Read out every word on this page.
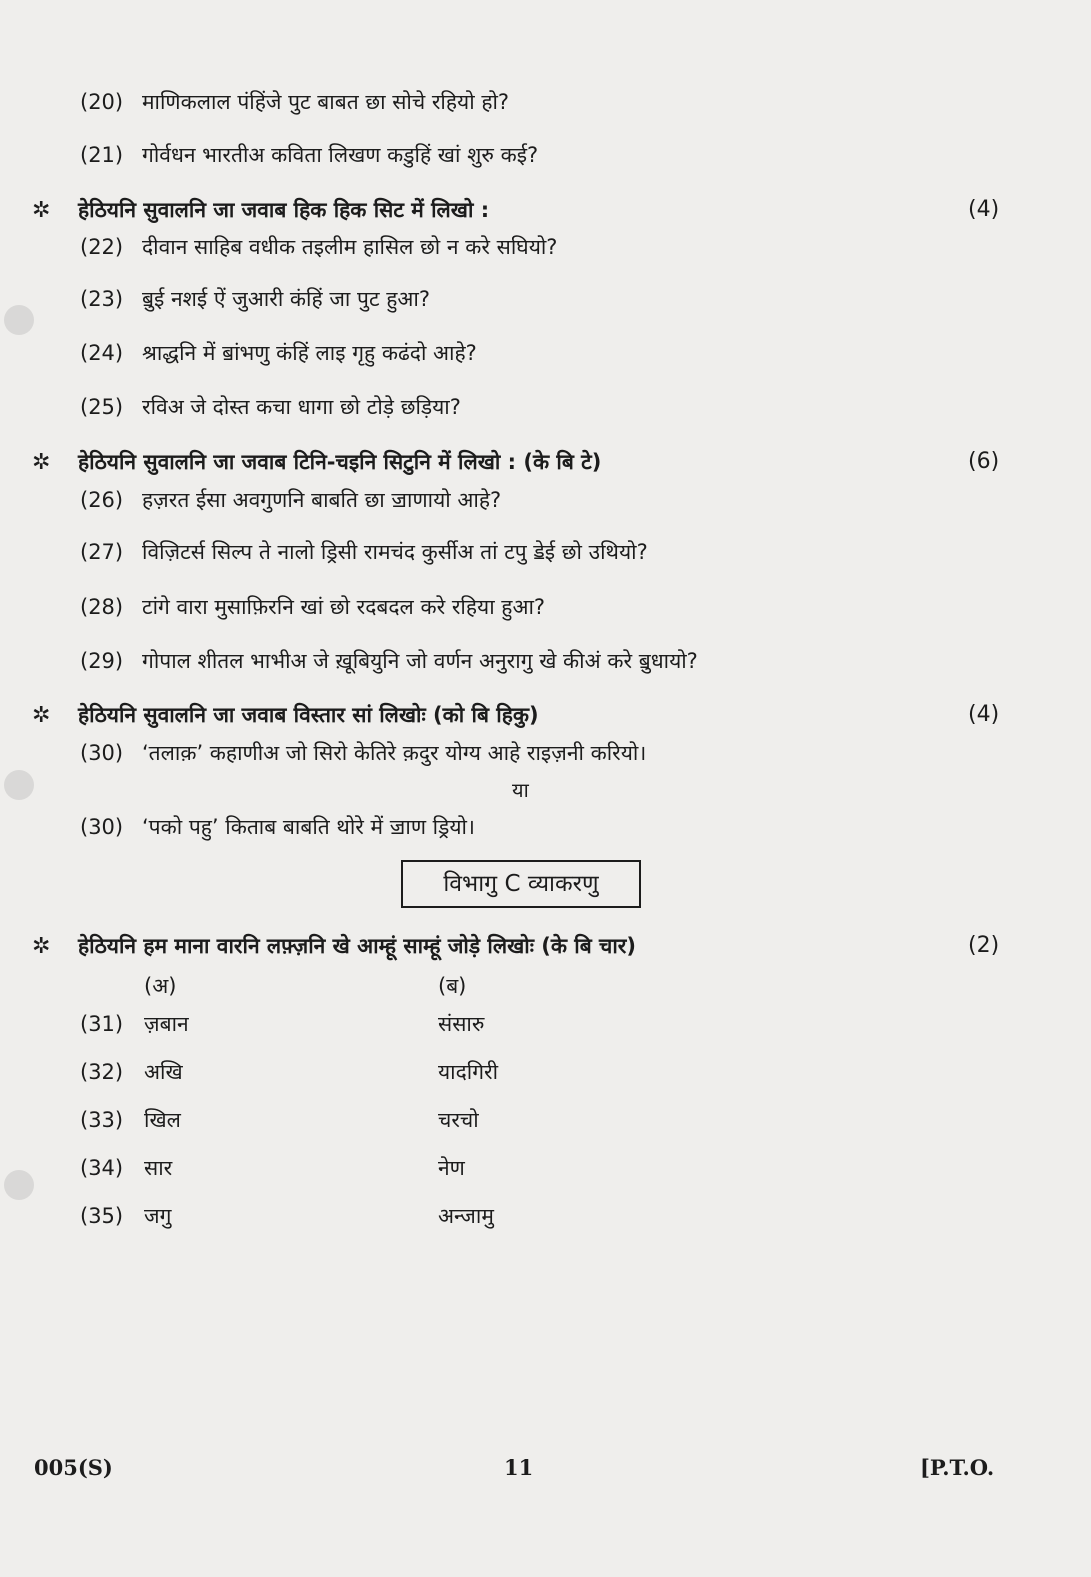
(20) माणिकलाल पंहिंजे पुट बाबत छा सोचे रहियो हो?
(21) गोर्वधन भारतीअ कविता लिखण कडुहिं खां शुरु कई?
✲ हेठियनि सुवालनि जा जवाब हिक हिक सिट में लिखो :	(4)
(22) दीवान साहिब वधीक तइलीम हासिल छो न करे सघियो?
(23) ॿुई नशई ऐं जुआरी कंहिं जा पुट हुआ?
(24) श्राद्धनि में ॿांभणु कंहिं लाइ गृहु कढंदो आहे?
(25) रविअ जे दोस्त कचा धागा छो टोड़े छड़िया?
✲ हेठियनि सुवालनि जा जवाब टिनि-चइनि सिटुनि में लिखो : (के बि टे)	(6)
(26) हज़रत ईसा अवगुणनि बाबति छा ॼाणायो आहे?
(27) विज़िटर्स सिल्प ते नालो ड्रिसी रामचंद कुर्सीअ तां टपु ॾेई छो उथियो?
(28) टांगे वारा मुसाफ़िरनि खां छो रदबदल करे रहिया हुआ?
(29) गोपाल शीतल भाभीअ जे ख़ूबियुनि जो वर्णन अनुरागु खे कीअं करे ॿुधायो?
✲ हेठियनि सुवालनि जा जवाब विस्तार सां लिखोः (को बि हिकु)	(4)
(30) ‘तलाक़’ कहाणीअ जो सिरो केतिरे क़दुर योग्य आहे राइज़नी करियो।
या
(30) ‘पको पहु’ किताब बाबति थोरे में ॼाण ड्रियो।
विभागु C व्याकरणु
✲ हेठियनि हम माना वारनि लफ़्ज़नि खे आम्हूं साम्हूं जोड़े लिखोः (के बि चार)	(2)
(अ)	(ब)
(31) ज़बान	संसारु
(32) अखि	यादगिरी
(33) खिल	चरचो
(34) सार	नेण
(35) जगु	अन्जामु
005(S)	11	[P.T.O.
